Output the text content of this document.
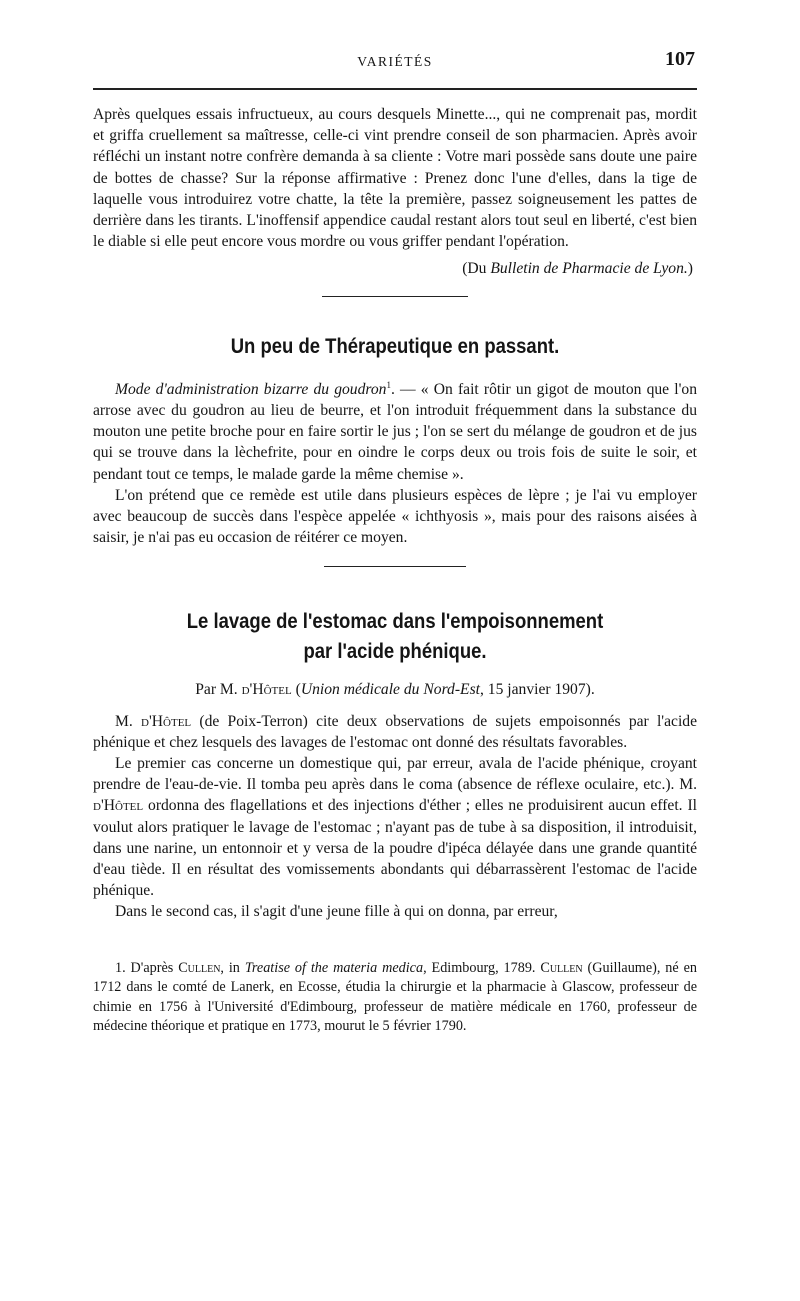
VARIÉTÉS	107

Après quelques essais infructueux, au cours desquels Minette..., qui ne comprenait pas, mordit et griffa cruellement sa maîtresse, celle-ci vint prendre conseil de son pharmacien. Après avoir réfléchi un instant notre confrère demanda à sa cliente : Votre mari possède sans doute une paire de bottes de chasse? Sur la réponse affirmative : Prenez donc l'une d'elles, dans la tige de laquelle vous introduirez votre chatte, la tête la première, passez soigneusement les pattes de derrière dans les tirants. L'inoffensif appendice caudal restant alors tout seul en liberté, c'est bien le diable si elle peut encore vous mordre ou vous griffer pendant l'opération.

(Du Bulletin de Pharmacie de Lyon.)

Un peu de Thérapeutique en passant.

Mode d'administration bizarre du goudron$^1$. — « On fait rôtir un gigot de mouton que l'on arrose avec du goudron au lieu de beurre, et l'on introduit fréquemment dans la substance du mouton une petite broche pour en faire sortir le jus ; l'on se sert du mélange de goudron et de jus qui se trouve dans la lèchefrite, pour en oindre le corps deux ou trois fois de suite le soir, et pendant tout ce temps, le malade garde la même chemise ».

L'on prétend que ce remède est utile dans plusieurs espèces de lèpre ; je l'ai vu employer avec beaucoup de succès dans l'espèce appelée « ichthyosis », mais pour des raisons aisées à saisir, je n'ai pas eu occasion de réitérer ce moyen.

Le lavage de l'estomac dans l'empoisonnement
par l'acide phénique.

Par M. d'Hôtel (Union médicale du Nord-Est, 15 janvier 1907).

M. d'Hôtel (de Poix-Terron) cite deux observations de sujets empoisonnés par l'acide phénique et chez lesquels des lavages de l'estomac ont donné des résultats favorables.

Le premier cas concerne un domestique qui, par erreur, avala de l'acide phénique, croyant prendre de l'eau-de-vie. Il tomba peu après dans le coma (absence de réflexe oculaire, etc.). M. d'Hôtel ordonna des flagellations et des injections d'éther ; elles ne produisirent aucun effet. Il voulut alors pratiquer le lavage de l'estomac ; n'ayant pas de tube à sa disposition, il introduisit, dans une narine, un entonnoir et y versa de la poudre d'ipéca délayée dans une grande quantité d'eau tiède. Il en résultat des vomissements abondants qui débarrassèrent l'estomac de l'acide phénique.

Dans le second cas, il s'agit d'une jeune fille à qui on donna, par erreur,

1. D'après Cullen, in Treatise of the materia medica, Edimbourg, 1789. Cullen (Guillaume), né en 1712 dans le comté de Lanerk, en Ecosse, étudia la chirurgie et la pharmacie à Glascow, professeur de chimie en 1756 à l'Université d'Edimbourg, professeur de matière médicale en 1760, professeur de médecine théorique et pratique en 1773, mourut le 5 février 1790.
